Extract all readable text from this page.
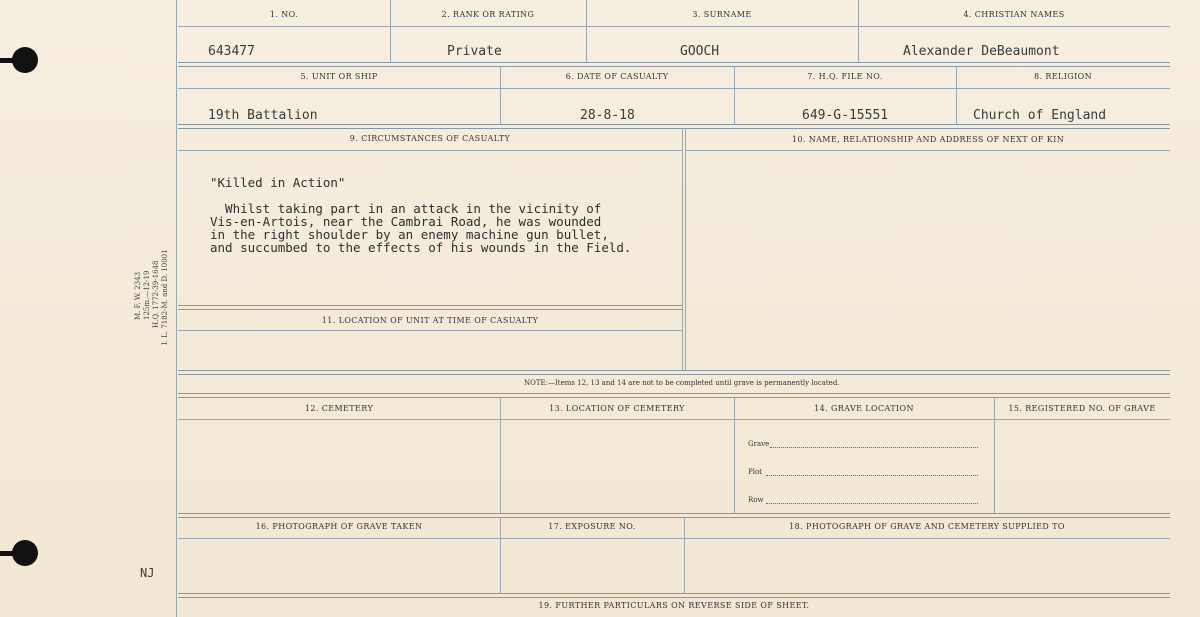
M. F. W. 2343 125m.—12-19 H.Q. 1772-39-1648 I. L. 7182-M. and D. 10001
NJ
1. NO.	2. RANK OR RATING	3. SURNAME	4. CHRISTIAN NAMES
643477	Private	GOOCH	Alexander DeBeaumont
5. UNIT OR SHIP	6. DATE OF CASUALTY	7. H.Q. FILE NO.	8. RELIGION
19th Battalion	28-8-18	649-G-15551	Church of England
9. CIRCUMSTANCES OF CASUALTY	10. NAME, RELATIONSHIP AND ADDRESS OF NEXT OF KIN
"Killed in Action"
Whilst taking part in an attack in the vicinity of
Vis-en-Artois, near the Cambrai Road, he was wounded
in the right shoulder by an enemy machine gun bullet,
and succumbed to the effects of his wounds in the Field.
11. LOCATION OF UNIT AT TIME OF CASUALTY
NOTE:—Items 12, 13 and 14 are not to be completed until grave is permanently located.
12. CEMETERY	13. LOCATION OF CEMETERY	14. GRAVE LOCATION	15. REGISTERED NO. OF GRAVE
Grave
Plot
Row
16. PHOTOGRAPH OF GRAVE TAKEN	17. EXPOSURE NO.	18. PHOTOGRAPH OF GRAVE AND CEMETERY SUPPLIED TO
19. FURTHER PARTICULARS ON REVERSE SIDE OF SHEET.
